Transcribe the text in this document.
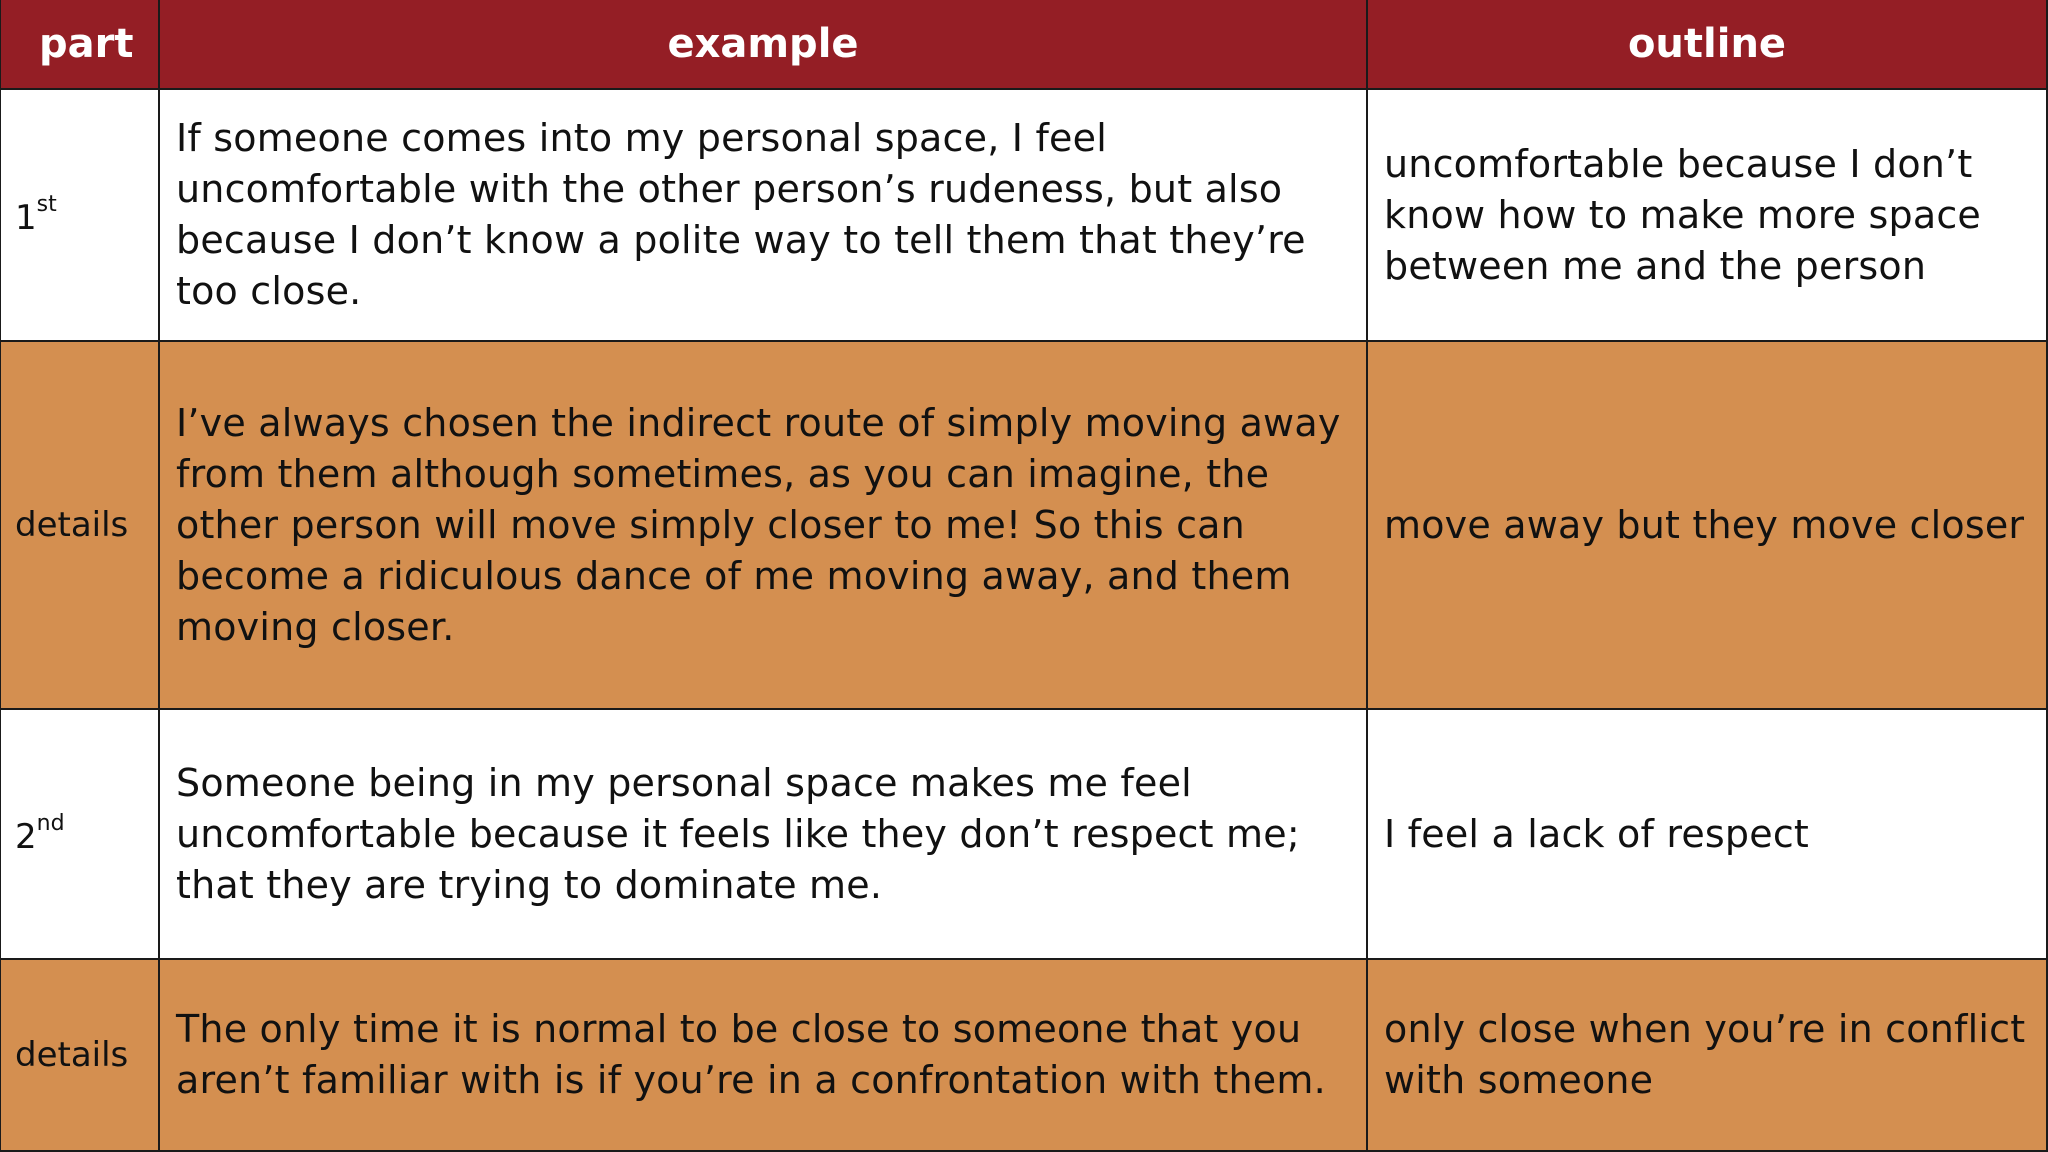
part	example	outline
1st
If someone comes into my personal space, I feel uncomfortable with the other person’s rudeness, but also because I don’t know a polite way to tell them that they’re too close.
uncomfortable because I don’t know how to make more space between me and the person
details
I’ve always chosen the indirect route of simply moving away from them although sometimes, as you can imagine, the other person will move simply closer to me! So this can become a ridiculous dance of me moving away, and them moving closer.
move away but they move closer
2nd
Someone being in my personal space makes me feel uncomfortable because it feels like they don’t respect me; that they are trying to dominate me.
I feel a lack of respect
details
The only time it is normal to be close to someone that you aren’t familiar with is if you’re in a confrontation with them.
only close when you’re in conflict with someone
